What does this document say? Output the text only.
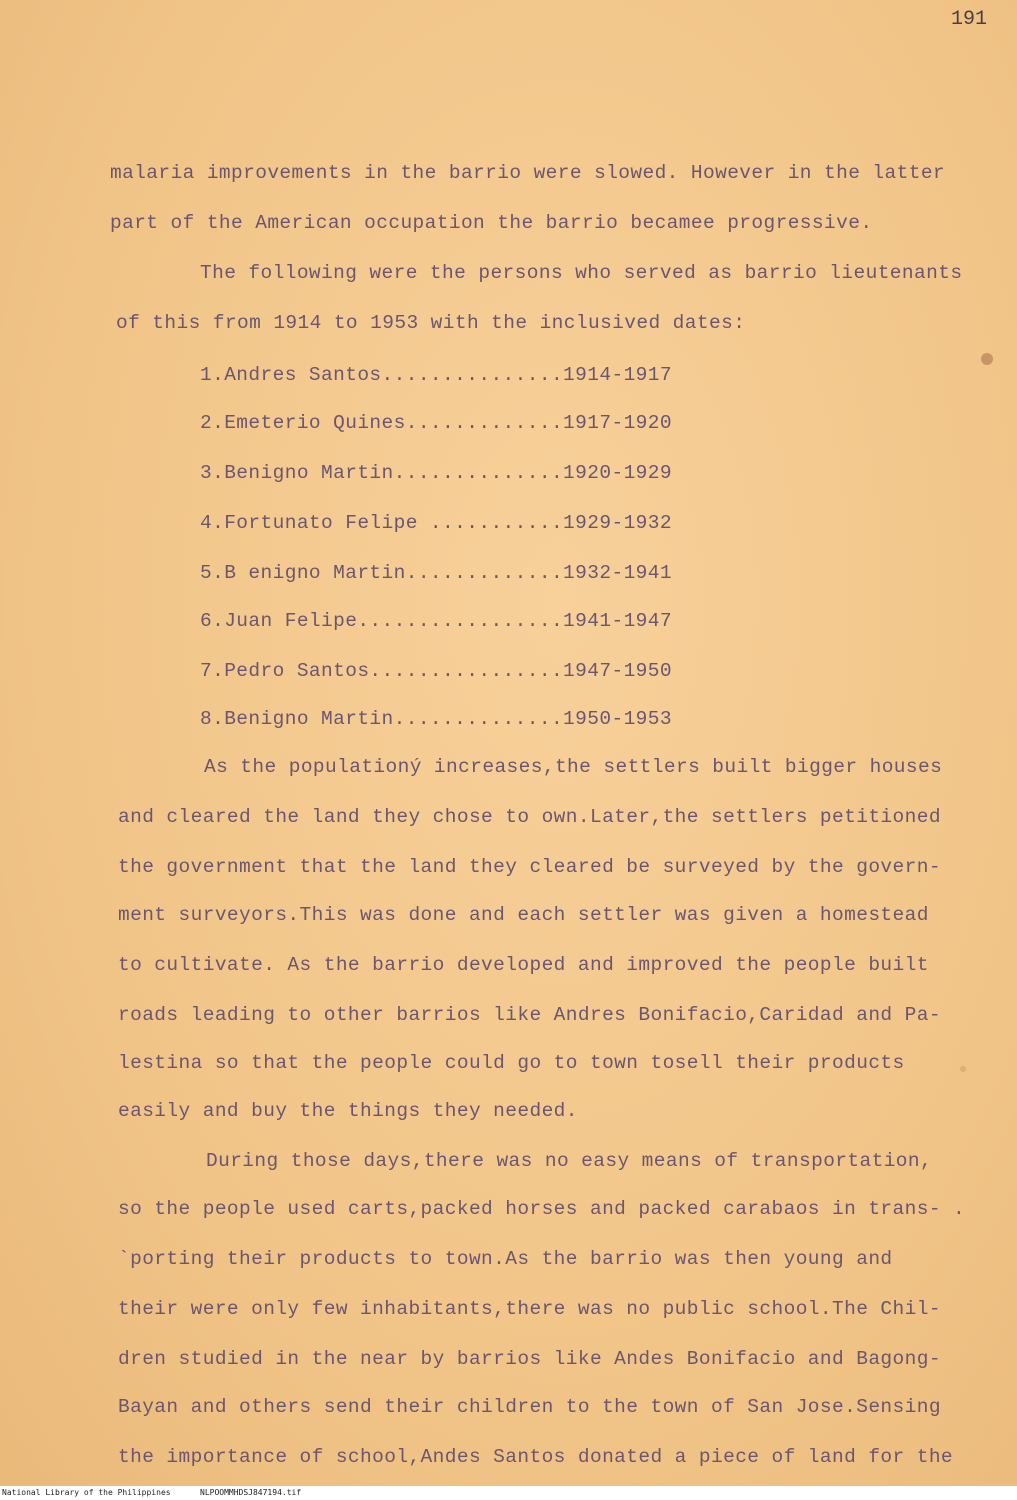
191
malaria improvements in the barrio were slowed. However in the latter
part of the American occupation the barrio becamee progressive.
The following were the persons who served as barrio lieutenants
of this from 1914 to 1953 with the inclusived dates:
1.Andres Santos...............1914-1917
2.Emeterio Quines.............1917-1920
3.Benigno Martin..............1920-1929
4.Fortunato Felipe ...........1929-1932
5.B enigno Martin.............1932-1941
6.Juan Felipe.................1941-1947
7.Pedro Santos................1947-1950
8.Benigno Martin..............1950-1953
As the populationý increases,the settlers built bigger houses
and cleared the land they chose to own.Later,the settlers petitioned
the government that the land they cleared be surveyed by the govern-
ment surveyors.This was done and each settler was given a homestead
to cultivate. As the barrio developed and improved the people built
roads leading to other barrios like Andres Bonifacio,Caridad and Pa-
lestina so that the people could go to town tosell their products
easily and buy the things they needed.
During those days,there was no easy means of transportation,
so the people used carts,packed horses and packed carabaos in trans- .
`porting their products to town.As the barrio was then young and
their were only few inhabitants,there was no public school.The Chil-
dren studied in the near by barrios like Andes Bonifacio and Bagong-
Bayan and others send their children to the town of San Jose.Sensing
the importance of school,Andes Santos donated a piece of land for the
National Library of the Philippines	NLPOOMMHDSJ847194.tif
